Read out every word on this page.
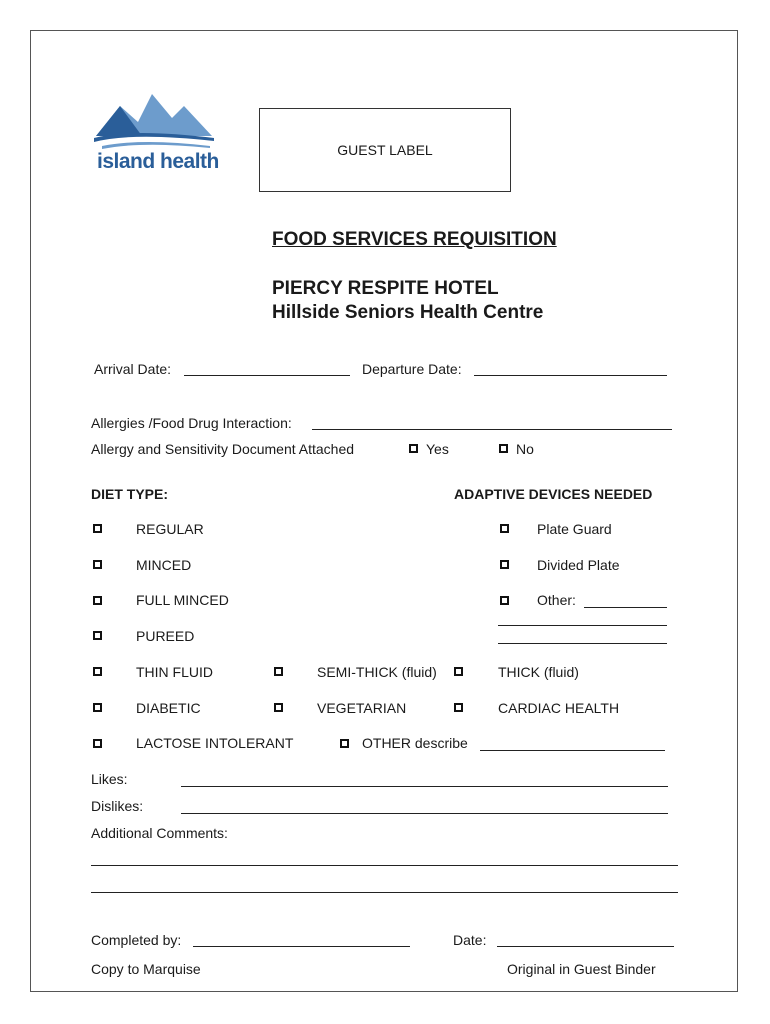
island health	GUEST LABEL
FOOD SERVICES REQUISITION
PIERCY RESPITE HOTEL
Hillside Seniors Health Centre
Arrival Date:	Departure Date:
Allergies /Food Drug Interaction:
Allergy and Sensitivity Document Attached	Yes	No
DIET TYPE:	ADAPTIVE DEVICES NEEDED
REGULAR	Plate Guard
MINCED	Divided Plate
FULL MINCED	Other:
PUREED
THIN FLUID	SEMI-THICK (fluid)	THICK (fluid)
DIABETIC	VEGETARIAN	CARDIAC HEALTH
LACTOSE INTOLERANT	OTHER describe
Likes:
Dislikes:
Additional Comments:
Completed by:	Date:
Copy to Marquise	Original in Guest Binder
